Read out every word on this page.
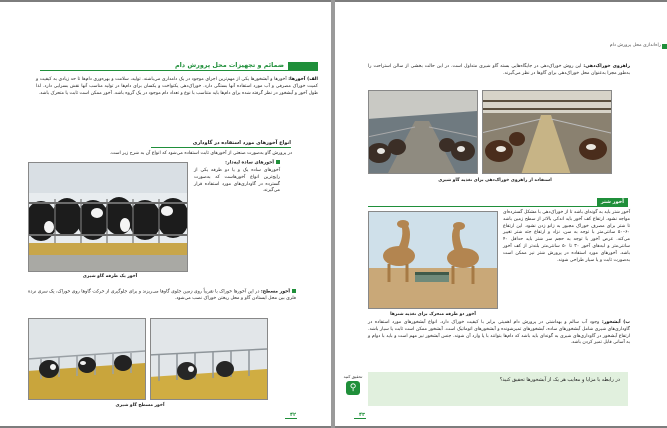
ضمائم و تجهیزات محل پرورش دام
الف) آخورها: آخورها و آبشخورها یکی از مهم‌ترین اجزای موجود در یک دامداری می‌باشند. تولید، سلامت و بهره‌وری دام‌ها تا حد زیادی به کیفیت و کمیت خوراک مصرفی و آب مورد استفاده آنها بستگی دارد. خوراک‌دهی یکنواخت و یکسان برای دام‌ها در تولید مناسب آنها نقش بسزایی دارد. لذا طول آخور و آبشخور در نظر گرفته شده برای دام‌ها باید متناسب با نوع و تعداد دام موجود در یک گروه باشد. آخور ممکن است ثابت یا متحرک باشد.
انواع آخورهای مورد استفاده در گاوداری
در پرورش گاو به‌صورت صنعتی از آخورهای ثابت استفاده می‌شود که انواع آن به شرح زیر است.
آخور یک طرفه گاو شیری
آخورهای ساده لبه‌دار:
آخورهای ساده یک و یا دو طرفه یکی از رایج‌ترین انواع آخورهاست که به‌صورت گسترده در گاوداری‌های مورد استفاده قرار می‌گیرند.
آخور مسطح: در این آخورها خوراک با تقریباً روی زمین جلوی گاوها می‌ریزند و برای جلوگیری از حرکت گاوها روی خوراک، یک سری نرده فلزی بین محل ایستادن گاو و محل ریختن خوراک نصب می‌شود.
آخور مسطح گاو شیری
۴۲
راه‌اندازی محل پرورش دام
راهروی خوراک‌دهی: این روش خوراک‌دهی در جایگاه‌هایی بسته گاو شیری متداول است. در این حالت بخشی از سالن استراحت را به‌طور مجزا به‌عنوان محل خوراک‌دهی برای گاوها در نظر می‌گیرند.
استفاده از راهروی خوراک‌دهی برای تغذیه گاو شیری
آخور شتر
آخور دو طرفه متحرک برای تغذیه شترها
آخور شتر باید به گونه‌ای باشد تا از خوراک‌دهی با مشکل گسترده‌ای مواجه نشود. ارتفاع کف آخور باید اندکی بالاتر از سطح زمین باشد تا شتر برای مصرف خوراک مجبور به زانو زدن نشود. این ارتفاع ۶۰–۵۰ سانتی‌متر با توجه به سن، نژاد و ارتفاع جثه شتر تغییر می‌کند. عرض آخور با توجه به حجم سر شتر باید حداقل ۴۰ سانتی‌متر و لبه‌های آخور ۳۰ تا ۵۰ سانتی‌متر بلندتر از کف آخور باشد. آخورهای مورد استفاده در پرورش شتر نیز ممکن است به‌صورت ثابت و یا سیار طراحی شوند.
ب) آبشخور: وجود آب سالم و بهداشتی در پرورش دام اهمیتی برابر با کیفیت خوراک دارد. انواع آبشخورهای مورد استفاده در گاوداری‌های شیری شامل آبشخورهای ساده، آبشخورهای تمیزشونده و آبشخورهای اتوماتیک است. آبشخور ممکن است ثابت یا سیار باشد. ارتفاع آبشخور در گاوداری‌های شیری به گونه‌ای باید باشد که دام‌ها بتوانند با پا وارد آن شوند. جنس آبشخور نیز مهم است و باید با دوام و به آسانی قابل تمیز کردن باشد.
در رابطه با مزایا و معایب هر یک از آبشخورها تحقیق کنید؟
تحقیق کنید
⚲
۴۳
